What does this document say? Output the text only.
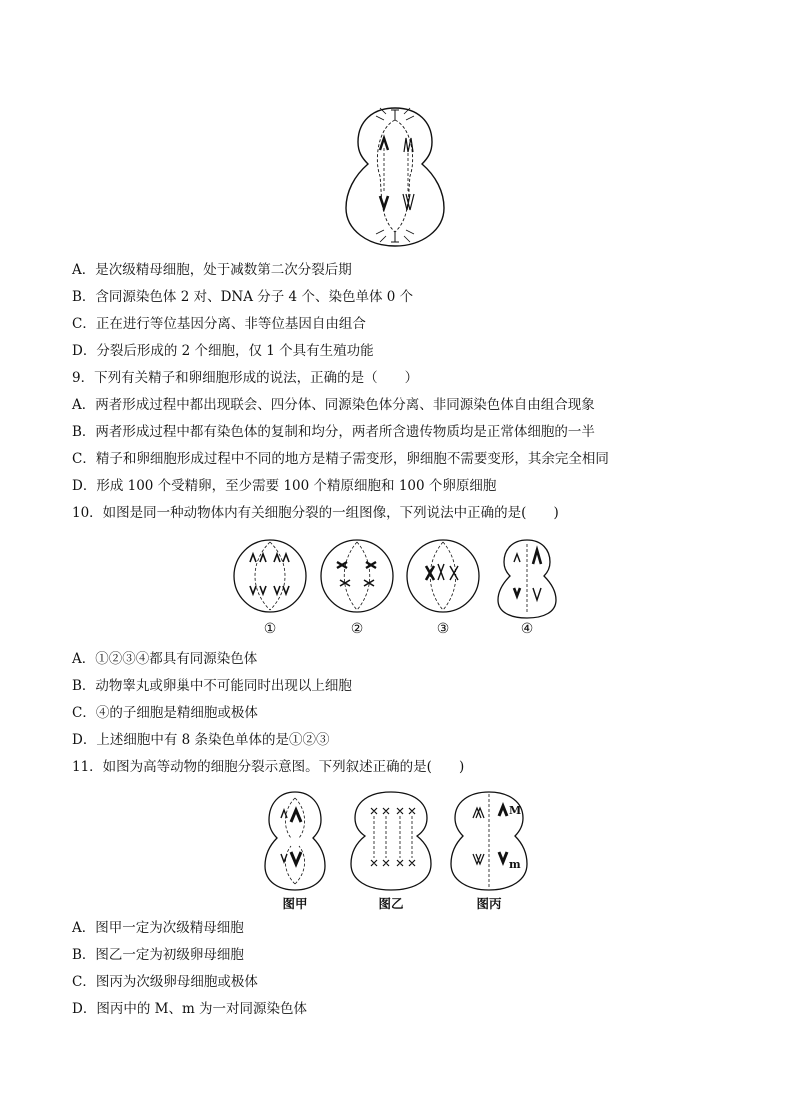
A．是次级精母细胞，处于减数第二次分裂后期
B．含同源染色体 2 对、DNA 分子 4 个、染色单体 0 个
C．正在进行等位基因分离、非等位基因自由组合
D．分裂后形成的 2 个细胞，仅 1 个具有生殖功能
9．下列有关精子和卵细胞形成的说法，正确的是（　　）
A．两者形成过程中都出现联会、四分体、同源染色体分离、非同源染色体自由组合现象
B．两者形成过程中都有染色体的复制和均分，两者所含遗传物质均是正常体细胞的一半
C．精子和卵细胞形成过程中不同的地方是精子需变形，卵细胞不需要变形，其余完全相同
D．形成 100 个受精卵，至少需要 100 个精原细胞和 100 个卵原细胞
10．如图是同一种动物体内有关细胞分裂的一组图像，下列说法中正确的是(　　)
①	②	③	④
A．①②③④都具有同源染色体
B．动物睾丸或卵巢中不可能同时出现以上细胞
C．④的子细胞是精细胞或极体
D．上述细胞中有 8 条染色单体的是①②③
11．如图为高等动物的细胞分裂示意图。下列叙述正确的是(　　)
M
m
图甲	图乙	图丙
A．图甲一定为次级精母细胞
B．图乙一定为初级卵母细胞
C．图丙为次级卵母细胞或极体
D．图丙中的 M、m 为一对同源染色体
